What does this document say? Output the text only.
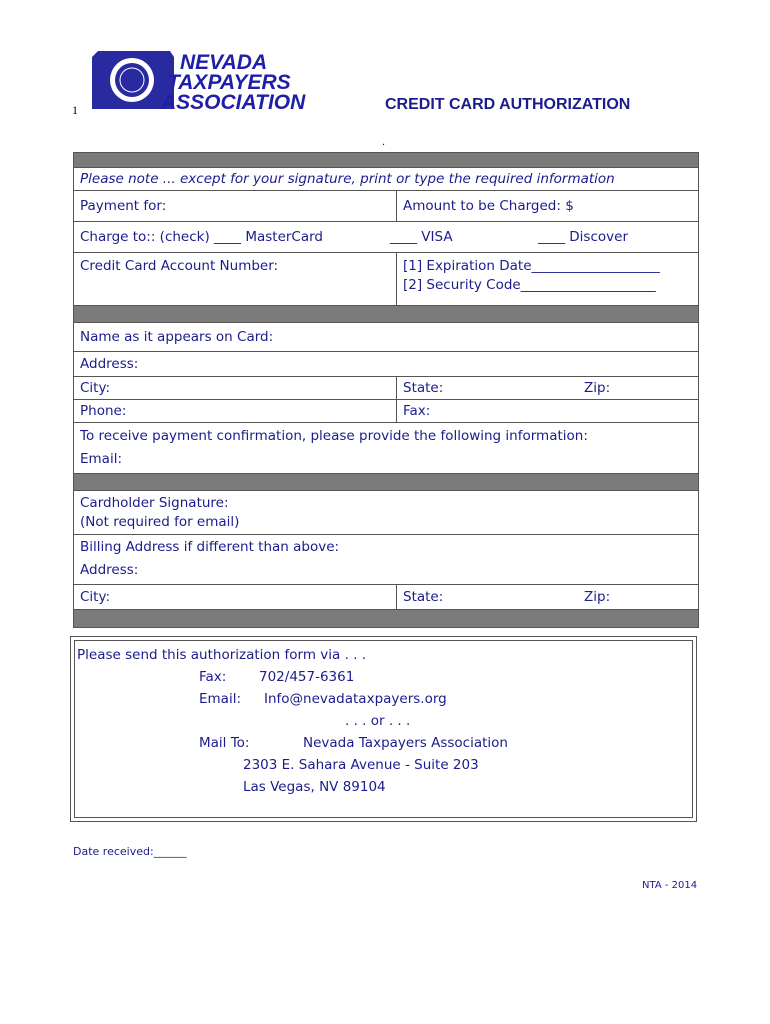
1
NEVADA
TAXPAYERS
ASSOCIATION	CREDIT CARD AUTHORIZATION
.

Please note ... except for your signature, print or type the required information	
Payment for:	Amount to be Charged: $
Charge to:: (check) ____ MasterCard ____ VISA ____ Discover	

Credit Card Account Number:	[1] Expiration Date___________________
[2] Security Code____________________

Name as it appears on Card:	
Address:	
City:	State: Zip:

Phone:	Fax:

To receive payment confirmation, please provide the following information:
Email:	

Cardholder Signature:
(Not required for email)	

Billing Address if different than above:
Address:	

City:	State: Zip:

Please send this authorization form via . . .
Fax: 702/457-6361
Email: Info@nevadataxpayers.org
. . . or . . .
Mail To:	Nevada Taxpayers Association
2303 E. Sahara Avenue - Suite 203
Las Vegas, NV 89104
Date received:______
NTA - 2014
